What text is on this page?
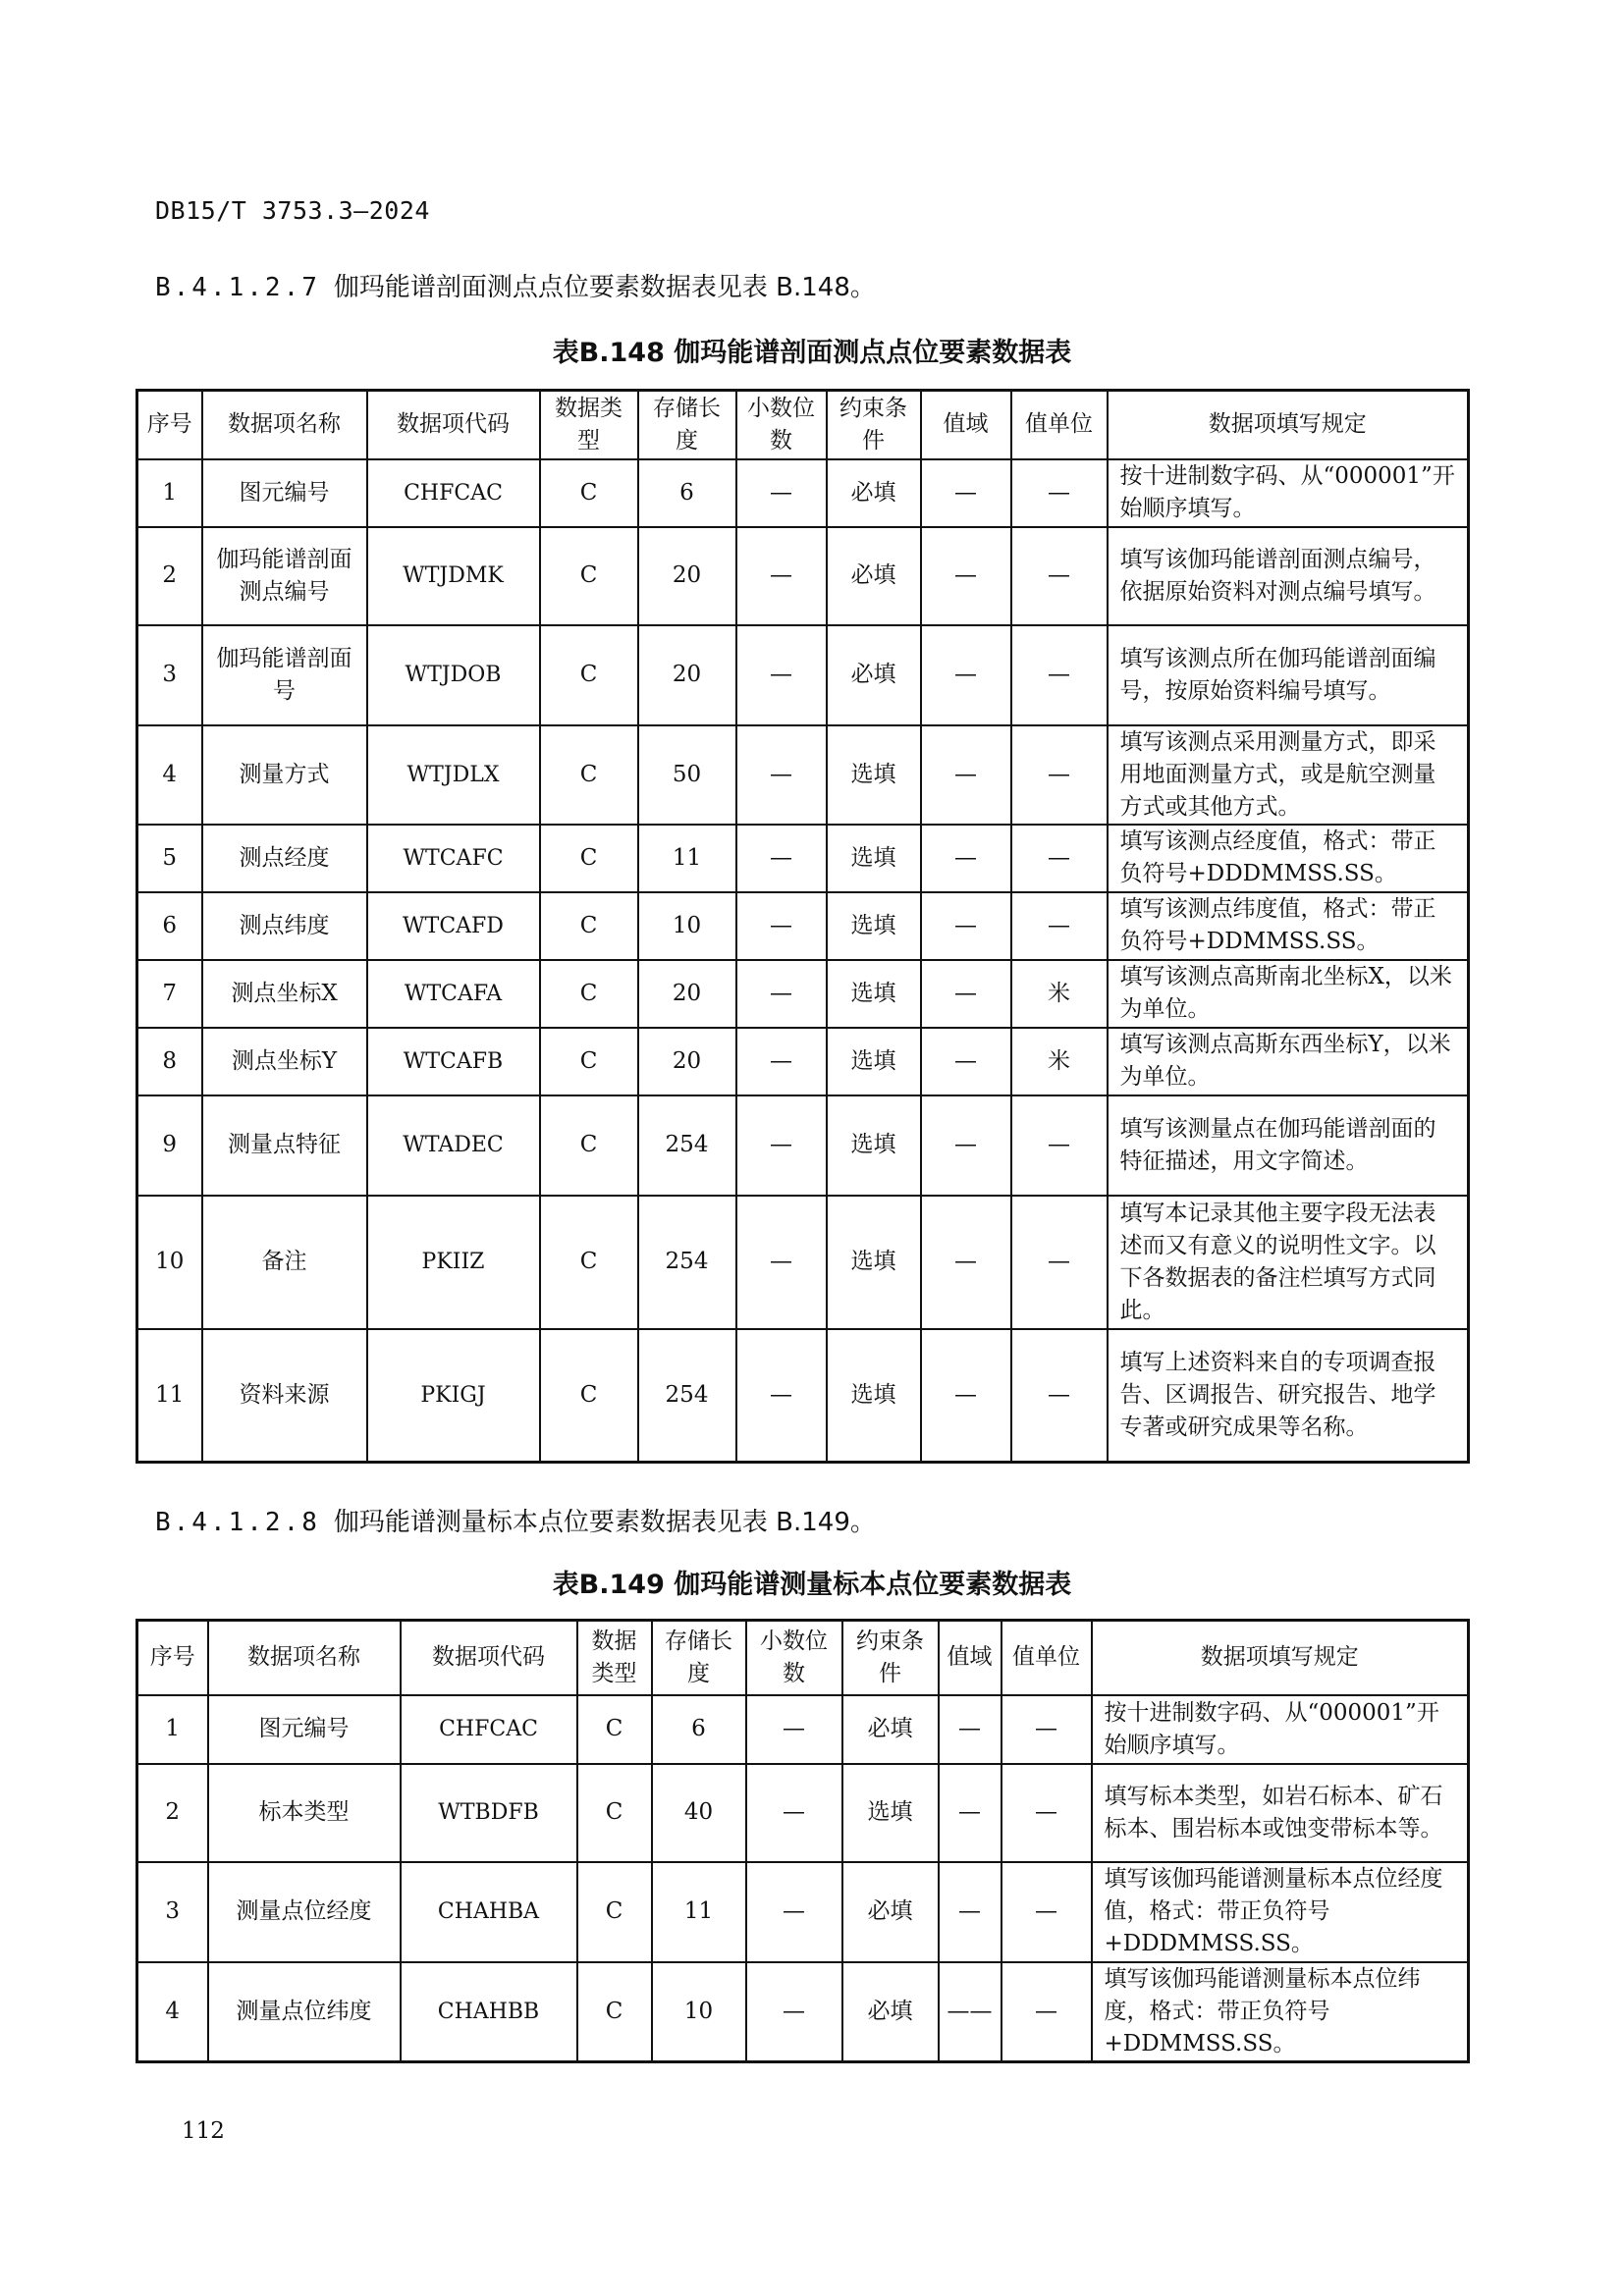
DB15/T 3753.3—2024
B.4.1.2.7 伽玛能谱剖面测点点位要素数据表见表 B.148。
表B.148 伽玛能谱剖面测点点位要素数据表
序号	数据项名称	数据项代码	数据类型	存储长度	小数位数	约束条件	值域	值单位	数据项填写规定
1	图元编号	CHFCAC	C	6	—	必填	—	—	按十进制数字码、从“000001”开始顺序填写。
2	伽玛能谱剖面测点编号	WTJDMK	C	20	—	必填	—	—	填写该伽玛能谱剖面测点编号，依据原始资料对测点编号填写。
3	伽玛能谱剖面号	WTJDOB	C	20	—	必填	—	—	填写该测点所在伽玛能谱剖面编号，按原始资料编号填写。
4	测量方式	WTJDLX	C	50	—	选填	—	—	填写该测点采用测量方式，即采用地面测量方式，或是航空测量方式或其他方式。
5	测点经度	WTCAFC	C	11	—	选填	—	—	填写该测点经度值，格式：带正负符号+DDDMMSS.SS。
6	测点纬度	WTCAFD	C	10	—	选填	—	—	填写该测点纬度值，格式：带正负符号+DDMMSS.SS。
7	测点坐标X	WTCAFA	C	20	—	选填	—	米	填写该测点高斯南北坐标X，以米为单位。
8	测点坐标Y	WTCAFB	C	20	—	选填	—	米	填写该测点高斯东西坐标Y，以米为单位。
9	测量点特征	WTADEC	C	254	—	选填	—	—	填写该测量点在伽玛能谱剖面的特征描述，用文字简述。
10	备注	PKIIZ	C	254	—	选填	—	—	填写本记录其他主要字段无法表述而又有意义的说明性文字。以下各数据表的备注栏填写方式同此。
11	资料来源	PKIGJ	C	254	—	选填	—	—	填写上述资料来自的专项调查报告、区调报告、研究报告、地学专著或研究成果等名称。
B.4.1.2.8 伽玛能谱测量标本点位要素数据表见表 B.149。
表B.149 伽玛能谱测量标本点位要素数据表
序号	数据项名称	数据项代码	数据类型	存储长度	小数位数	约束条件	值域	值单位	数据项填写规定
1	图元编号	CHFCAC	C	6	—	必填	—	—	按十进制数字码、从“000001”开始顺序填写。
2	标本类型	WTBDFB	C	40	—	选填	—	—	填写标本类型，如岩石标本、矿石标本、围岩标本或蚀变带标本等。
3	测量点位经度	CHAHBA	C	11	—	必填	—	—	填写该伽玛能谱测量标本点位经度值，格式：带正负符号+DDDMMSS.SS。
4	测量点位纬度	CHAHBB	C	10	—	必填	——	—	填写该伽玛能谱测量标本点位纬度，格式：带正负符号+DDMMSS.SS。
112
